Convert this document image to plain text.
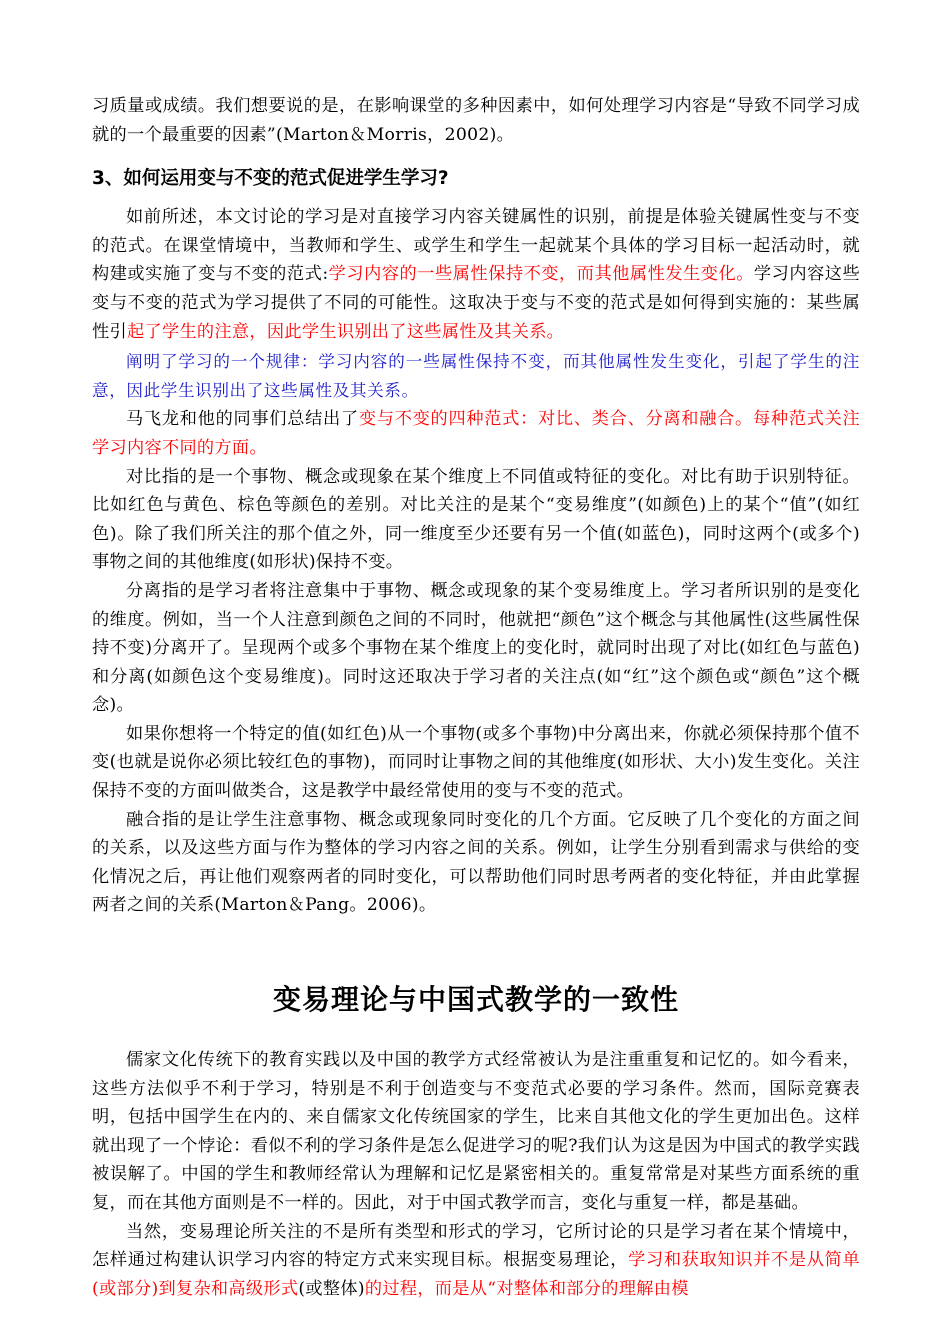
习质量或成绩。我们想要说的是，在影响课堂的多种因素中，如何处理学习内容是“导致不同学习成就的一个最重要的因素”(Marton＆Morris，2002)。

3、如何运用变与不变的范式促进学生学习?

如前所述，本文讨论的学习是对直接学习内容关键属性的识别，前提是体验关键属性变与不变的范式。在课堂情境中，当教师和学生、或学生和学生一起就某个具体的学习目标一起活动时，就构建或实施了变与不变的范式:学习内容的一些属性保持不变，而其他属性发生变化。学习内容这些变与不变的范式为学习提供了不同的可能性。这取决于变与不变的范式是如何得到实施的：某些属性引起了学生的注意，因此学生识别出了这些属性及其关系。

阐明了学习的一个规律：学习内容的一些属性保持不变，而其他属性发生变化，引起了学生的注意，因此学生识别出了这些属性及其关系。

马飞龙和他的同事们总结出了变与不变的四种范式：对比、类合、分离和融合。每种范式关注学习内容不同的方面。

对比指的是一个事物、概念或现象在某个维度上不同值或特征的变化。对比有助于识别特征。比如红色与黄色、棕色等颜色的差别。对比关注的是某个“变易维度”(如颜色)上的某个“值”(如红色)。除了我们所关注的那个值之外，同一维度至少还要有另一个值(如蓝色)，同时这两个(或多个)事物之间的其他维度(如形状)保持不变。

分离指的是学习者将注意集中于事物、概念或现象的某个变易维度上。学习者所识别的是变化的维度。例如，当一个人注意到颜色之间的不同时，他就把“颜色”这个概念与其他属性(这些属性保持不变)分离开了。呈现两个或多个事物在某个维度上的变化时，就同时出现了对比(如红色与蓝色)和分离(如颜色这个变易维度)。同时这还取决于学习者的关注点(如“红”这个颜色或“颜色”这个概念)。

如果你想将一个特定的值(如红色)从一个事物(或多个事物)中分离出来，你就必须保持那个值不变(也就是说你必须比较红色的事物)，而同时让事物之间的其他维度(如形状、大小)发生变化。关注保持不变的方面叫做类合，这是教学中最经常使用的变与不变的范式。

融合指的是让学生注意事物、概念或现象同时变化的几个方面。它反映了几个变化的方面之间的关系，以及这些方面与作为整体的学习内容之间的关系。例如，让学生分别看到需求与供给的变化情况之后，再让他们观察两者的同时变化，可以帮助他们同时思考两者的变化特征，并由此掌握两者之间的关系(Marton＆Pang。2006)。

变易理论与中国式教学的一致性

儒家文化传统下的教育实践以及中国的教学方式经常被认为是注重重复和记忆的。如今看来，这些方法似乎不利于学习，特别是不利于创造变与不变范式必要的学习条件。然而，国际竞赛表明，包括中国学生在内的、来自儒家文化传统国家的学生，比来自其他文化的学生更加出色。这样就出现了一个悖论：看似不利的学习条件是怎么促进学习的呢?我们认为这是因为中国式的教学实践被误解了。中国的学生和教师经常认为理解和记忆是紧密相关的。重复常常是对某些方面系统的重复，而在其他方面则是不一样的。因此，对于中国式教学而言，变化与重复一样，都是基础。

当然，变易理论所关注的不是所有类型和形式的学习，它所讨论的只是学习者在某个情境中，怎样通过构建认识学习内容的特定方式来实现目标。根据变易理论，学习和获取知识并不是从简单(或部分)到复杂和高级形式(或整体)的过程，而是从“对整体和部分的理解由模
